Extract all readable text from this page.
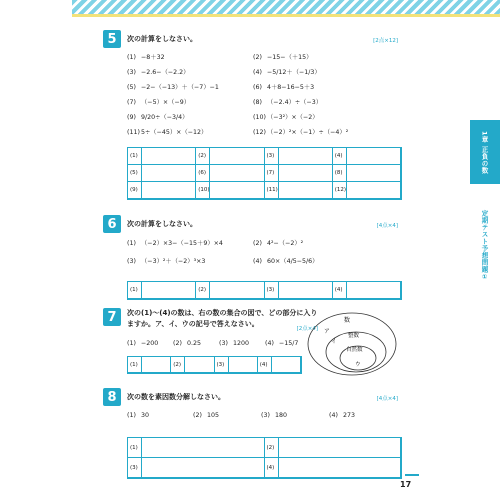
1章 正負の数
定期テスト予想問題①
5	次の計算をしなさい。	[2点×12]
(1) −8＋32	(2) −15−（＋15）
(3) −2.6−（−2.2）	(4) −5/12＋（−1/3）
(5) −2−（−13）＋（−7）−1	(6) 4＋8−16−5＋3
(7) （−5）×（−9）	(8) （−2.4）÷（−3）
(9) 9/20÷（−3/4）	(10)（−3²）×（−2）
(11)5÷（−45）×（−12）	(12)（−2）²×（−1）÷（−4）²
(1)	(2)	(3)	(4)
(5)	(6)	(7)	(8)
(9)	(10)	(11)	(12)
6	次の計算をしなさい。	[4点×4]
(1) （−2）×3−（−15＋9）×4	(2) 4²−（−2）²
(3) （−3）²＋（−2）³×3	(4) 60×（4/5−5/6）
(1)	(2)	(3)	(4)
7	次の(1)〜(4)の数は、右の数の集合の図で、どの部分に入りますか。ア、イ、ウの記号で答えなさい。
[2点×4]
(1) −200 (2) 0.25	(3) 1200	(4) −15/7
(1)	(2)	(3)	(4)
数
整数
自然数
ア
イ
ウ
8	次の数を素因数分解しなさい。	[4点×4]
(1) 30	(2) 105	(3) 180	(4) 273
(1)	(2)
(3)	(4)
17
